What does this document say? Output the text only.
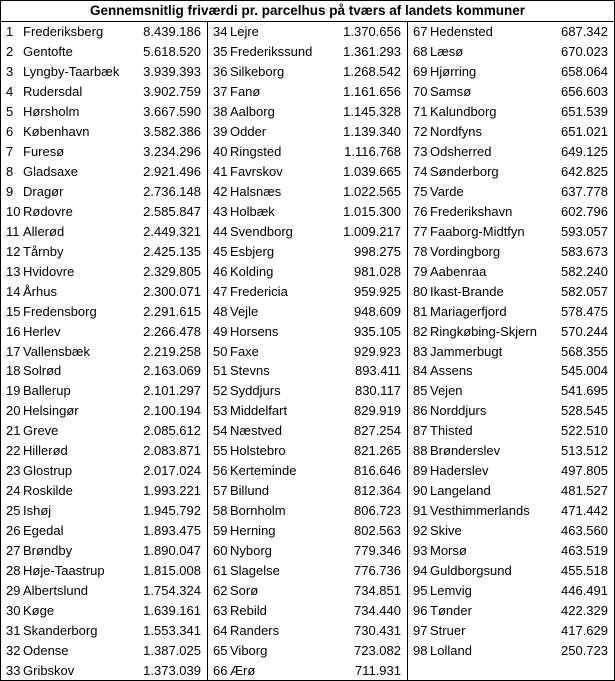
Gennemsnitlig friværdi pr. parcelhus på tværs af landets kommuner
1 Frederiksberg	8.439.186
2 Gentofte	5.618.520
3 Lyngby-Taarbæk	3.939.393
4 Rudersdal	3.902.759
5 Hørsholm	3.667.590
6 København	3.582.386
7 Furesø	3.234.296
8 Gladsaxe	2.921.496
9 Dragør	2.736.148
10 Rødovre	2.585.847
11 Allerød	2.449.321
12 Tårnby	2.425.135
13 Hvidovre	2.329.805
14 Århus	2.300.071
15 Fredensborg	2.291.615
16 Herlev	2.266.478
17 Vallensbæk	2.219.258
18 Solrød	2.163.069
19 Ballerup	2.101.297
20 Helsingør	2.100.194
21 Greve	2.085.612
22 Hillerød	2.083.871
23 Glostrup	2.017.024
24 Roskilde	1.993.221
25 Ishøj	1.945.792
26 Egedal	1.893.475
27 Brøndby	1.890.047
28 Høje-Taastrup	1.815.008
29 Albertslund	1.754.324
30 Køge	1.639.161
31 Skanderborg	1.553.341
32 Odense	1.387.025
33 Gribskov	1.373.039
34 Lejre	1.370.656
35 Frederikssund	1.361.293
36 Silkeborg	1.268.542
37 Fanø	1.161.656
38 Aalborg	1.145.328
39 Odder	1.139.340
40 Ringsted	1.116.768
41 Favrskov	1.039.665
42 Halsnæs	1.022.565
43 Holbæk	1.015.300
44 Svendborg	1.009.217
45 Esbjerg	998.275
46 Kolding	981.028
47 Fredericia	959.925
48 Vejle	948.609
49 Horsens	935.105
50 Faxe	929.923
51 Stevns	893.411
52 Syddjurs	830.117
53 Middelfart	829.919
54 Næstved	827.254
55 Holstebro	821.265
56 Kerteminde	816.646
57 Billund	812.364
58 Bornholm	806.723
59 Herning	802.563
60 Nyborg	779.346
61 Slagelse	776.736
62 Sorø	734.851
63 Rebild	734.440
64 Randers	730.431
65 Viborg	723.082
66 Ærø	711.931
67 Hedensted	687.342
68 Læsø	670.023
69 Hjørring	658.064
70 Samsø	656.603
71 Kalundborg	651.539
72 Nordfyns	651.021
73 Odsherred	649.125
74 Sønderborg	642.825
75 Varde	637.778
76 Frederikshavn	602.796
77 Faaborg-Midtfyn	593.057
78 Vordingborg	583.673
79 Aabenraa	582.240
80 Ikast-Brande	582.057
81 Mariagerfjord	578.475
82 Ringkøbing-Skjern	570.244
83 Jammerbugt	568.355
84 Assens	545.004
85 Vejen	541.695
86 Norddjurs	528.545
87 Thisted	522.510
88 Brønderslev	513.512
89 Haderslev	497.805
90 Langeland	481.527
91 Vesthimmerlands	471.442
92 Skive	463.560
93 Morsø	463.519
94 Guldborgsund	455.518
95 Lemvig	446.491
96 Tønder	422.329
97 Struer	417.629
98 Lolland	250.723
